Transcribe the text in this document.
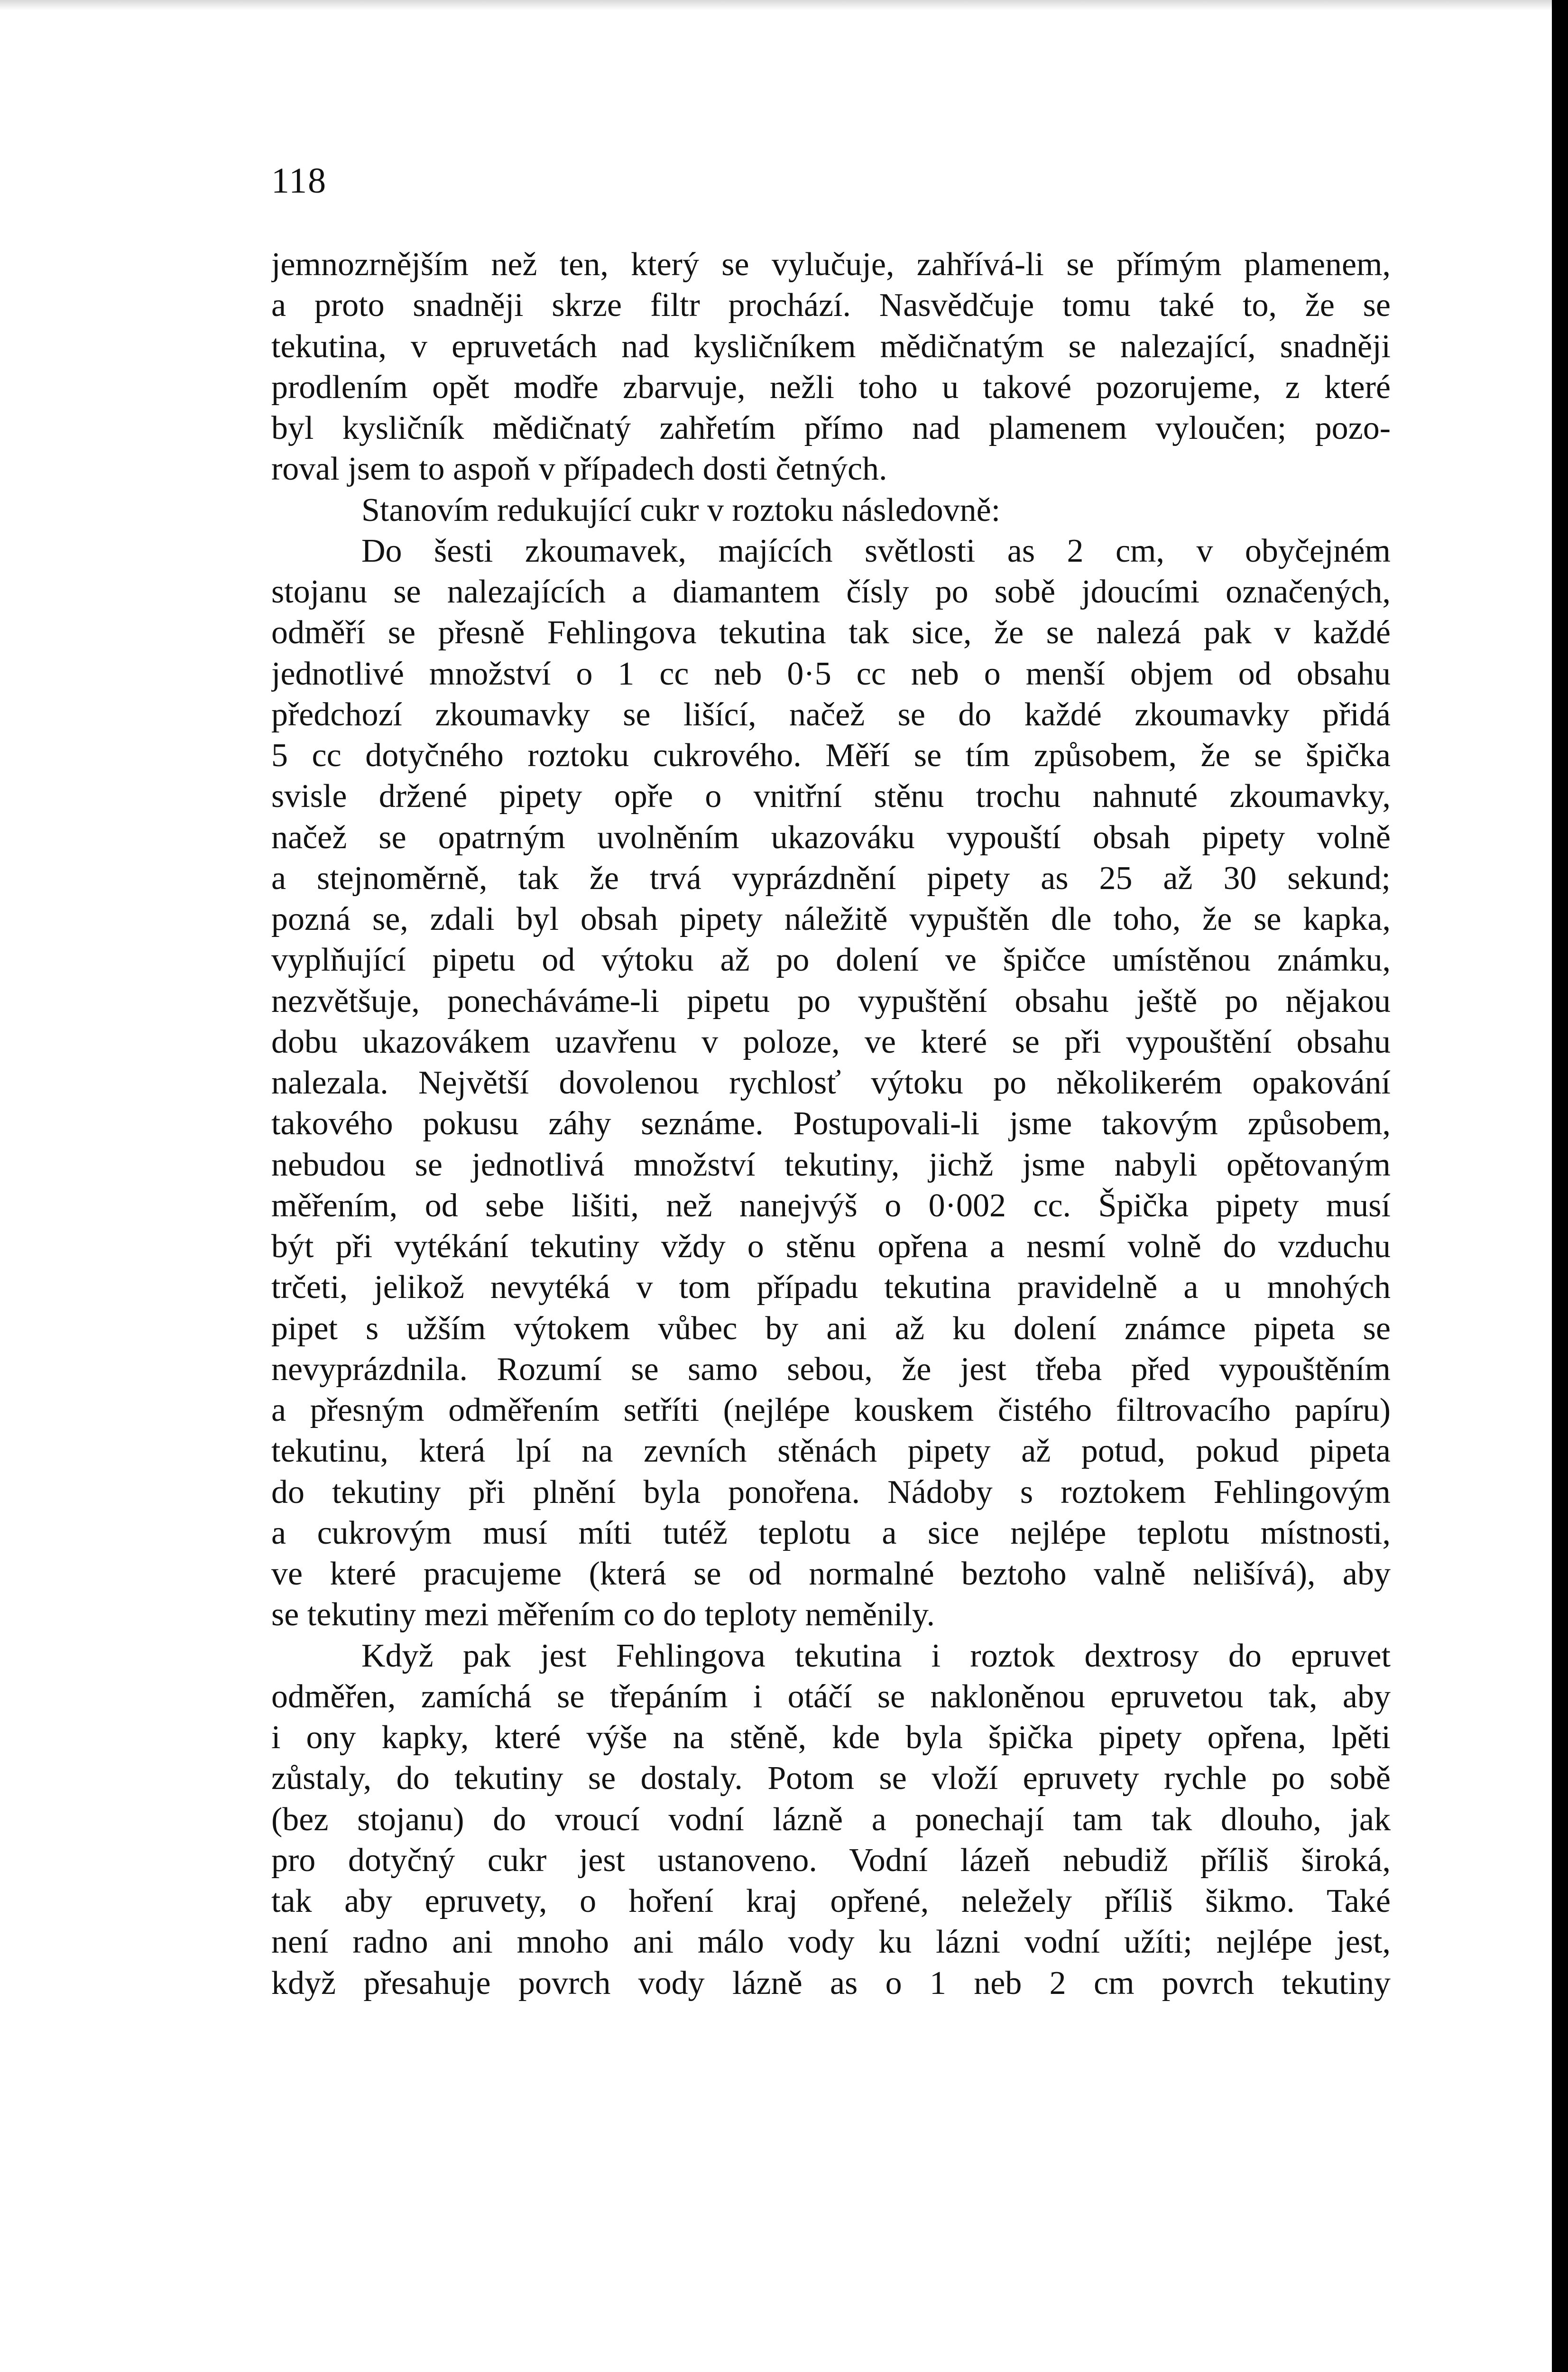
118

jemnozrnějším než ten, který se vylučuje, zahřívá-li se přímým plamenem,
a proto snadněji skrze filtr prochází. Nasvědčuje tomu také to, že se
tekutina, v epruvetách nad kysličníkem mědičnatým se nalezající, snadněji
prodlením opět modře zbarvuje, nežli toho u takové pozorujeme, z které
byl kysličník mědičnatý zahřetím přímo nad plamenem vyloučen; pozo-
roval jsem to aspoň v případech dosti četných.

Stanovím redukující cukr v roztoku následovně:

Do šesti zkoumavek, majících světlosti as 2 cm, v obyčejném
stojanu se nalezajících a diamantem čísly po sobě jdoucími označených,
odměří se přesně Fehlingova tekutina tak sice, že se nalezá pak v každé
jednotlivé množství o 1 cc neb 0·5 cc neb o menší objem od obsahu
předchozí zkoumavky se lišící, načež se do každé zkoumavky přidá
5 cc dotyčného roztoku cukrového. Měří se tím způsobem, že se špička
svisle držené pipety opře o vnitřní stěnu trochu nahnuté zkoumavky,
načež se opatrným uvolněním ukazováku vypouští obsah pipety volně
a stejnoměrně, tak že trvá vyprázdnění pipety as 25 až 30 sekund;
pozná se, zdali byl obsah pipety náležitě vypuštěn dle toho, že se kapka,
vyplňující pipetu od výtoku až po dolení ve špičce umístěnou známku,
nezvětšuje, ponecháváme-li pipetu po vypuštění obsahu ještě po nějakou
dobu ukazovákem uzavřenu v poloze, ve které se při vypouštění obsahu
nalezala. Největší dovolenou rychlosť výtoku po několikerém opakování
takového pokusu záhy seznáme. Postupovali-li jsme takovým způsobem,
nebudou se jednotlivá množství tekutiny, jichž jsme nabyli opětovaným
měřením, od sebe lišiti, než nanejvýš o 0·002 cc. Špička pipety musí
být při vytékání tekutiny vždy o stěnu opřena a nesmí volně do vzduchu
trčeti, jelikož nevytéká v tom případu tekutina pravidelně a u mnohých
pipet s užším výtokem vůbec by ani až ku dolení známce pipeta se
nevyprázdnila. Rozumí se samo sebou, že jest třeba před vypouštěním
a přesným odměřením setříti (nejlépe kouskem čistého filtrovacího papíru)
tekutinu, která lpí na zevních stěnách pipety až potud, pokud pipeta
do tekutiny při plnění byla ponořena. Nádoby s roztokem Fehlingovým
a cukrovým musí míti tutéž teplotu a sice nejlépe teplotu místnosti,
ve které pracujeme (která se od normalné beztoho valně nelišívá), aby
se tekutiny mezi měřením co do teploty neměnily.

Když pak jest Fehlingova tekutina i roztok dextrosy do epruvet
odměřen, zamíchá se třepáním i otáčí se nakloněnou epruvetou tak, aby
i ony kapky, které výše na stěně, kde byla špička pipety opřena, lpěti
zůstaly, do tekutiny se dostaly. Potom se vloží epruvety rychle po sobě
(bez stojanu) do vroucí vodní lázně a ponechají tam tak dlouho, jak
pro dotyčný cukr jest ustanoveno. Vodní lázeň nebudiž příliš široká,
tak aby epruvety, o hoření kraj opřené, neležely příliš šikmo. Také
není radno ani mnoho ani málo vody ku lázni vodní užíti; nejlépe jest,
když přesahuje povrch vody lázně as o 1 neb 2 cm povrch tekutiny
